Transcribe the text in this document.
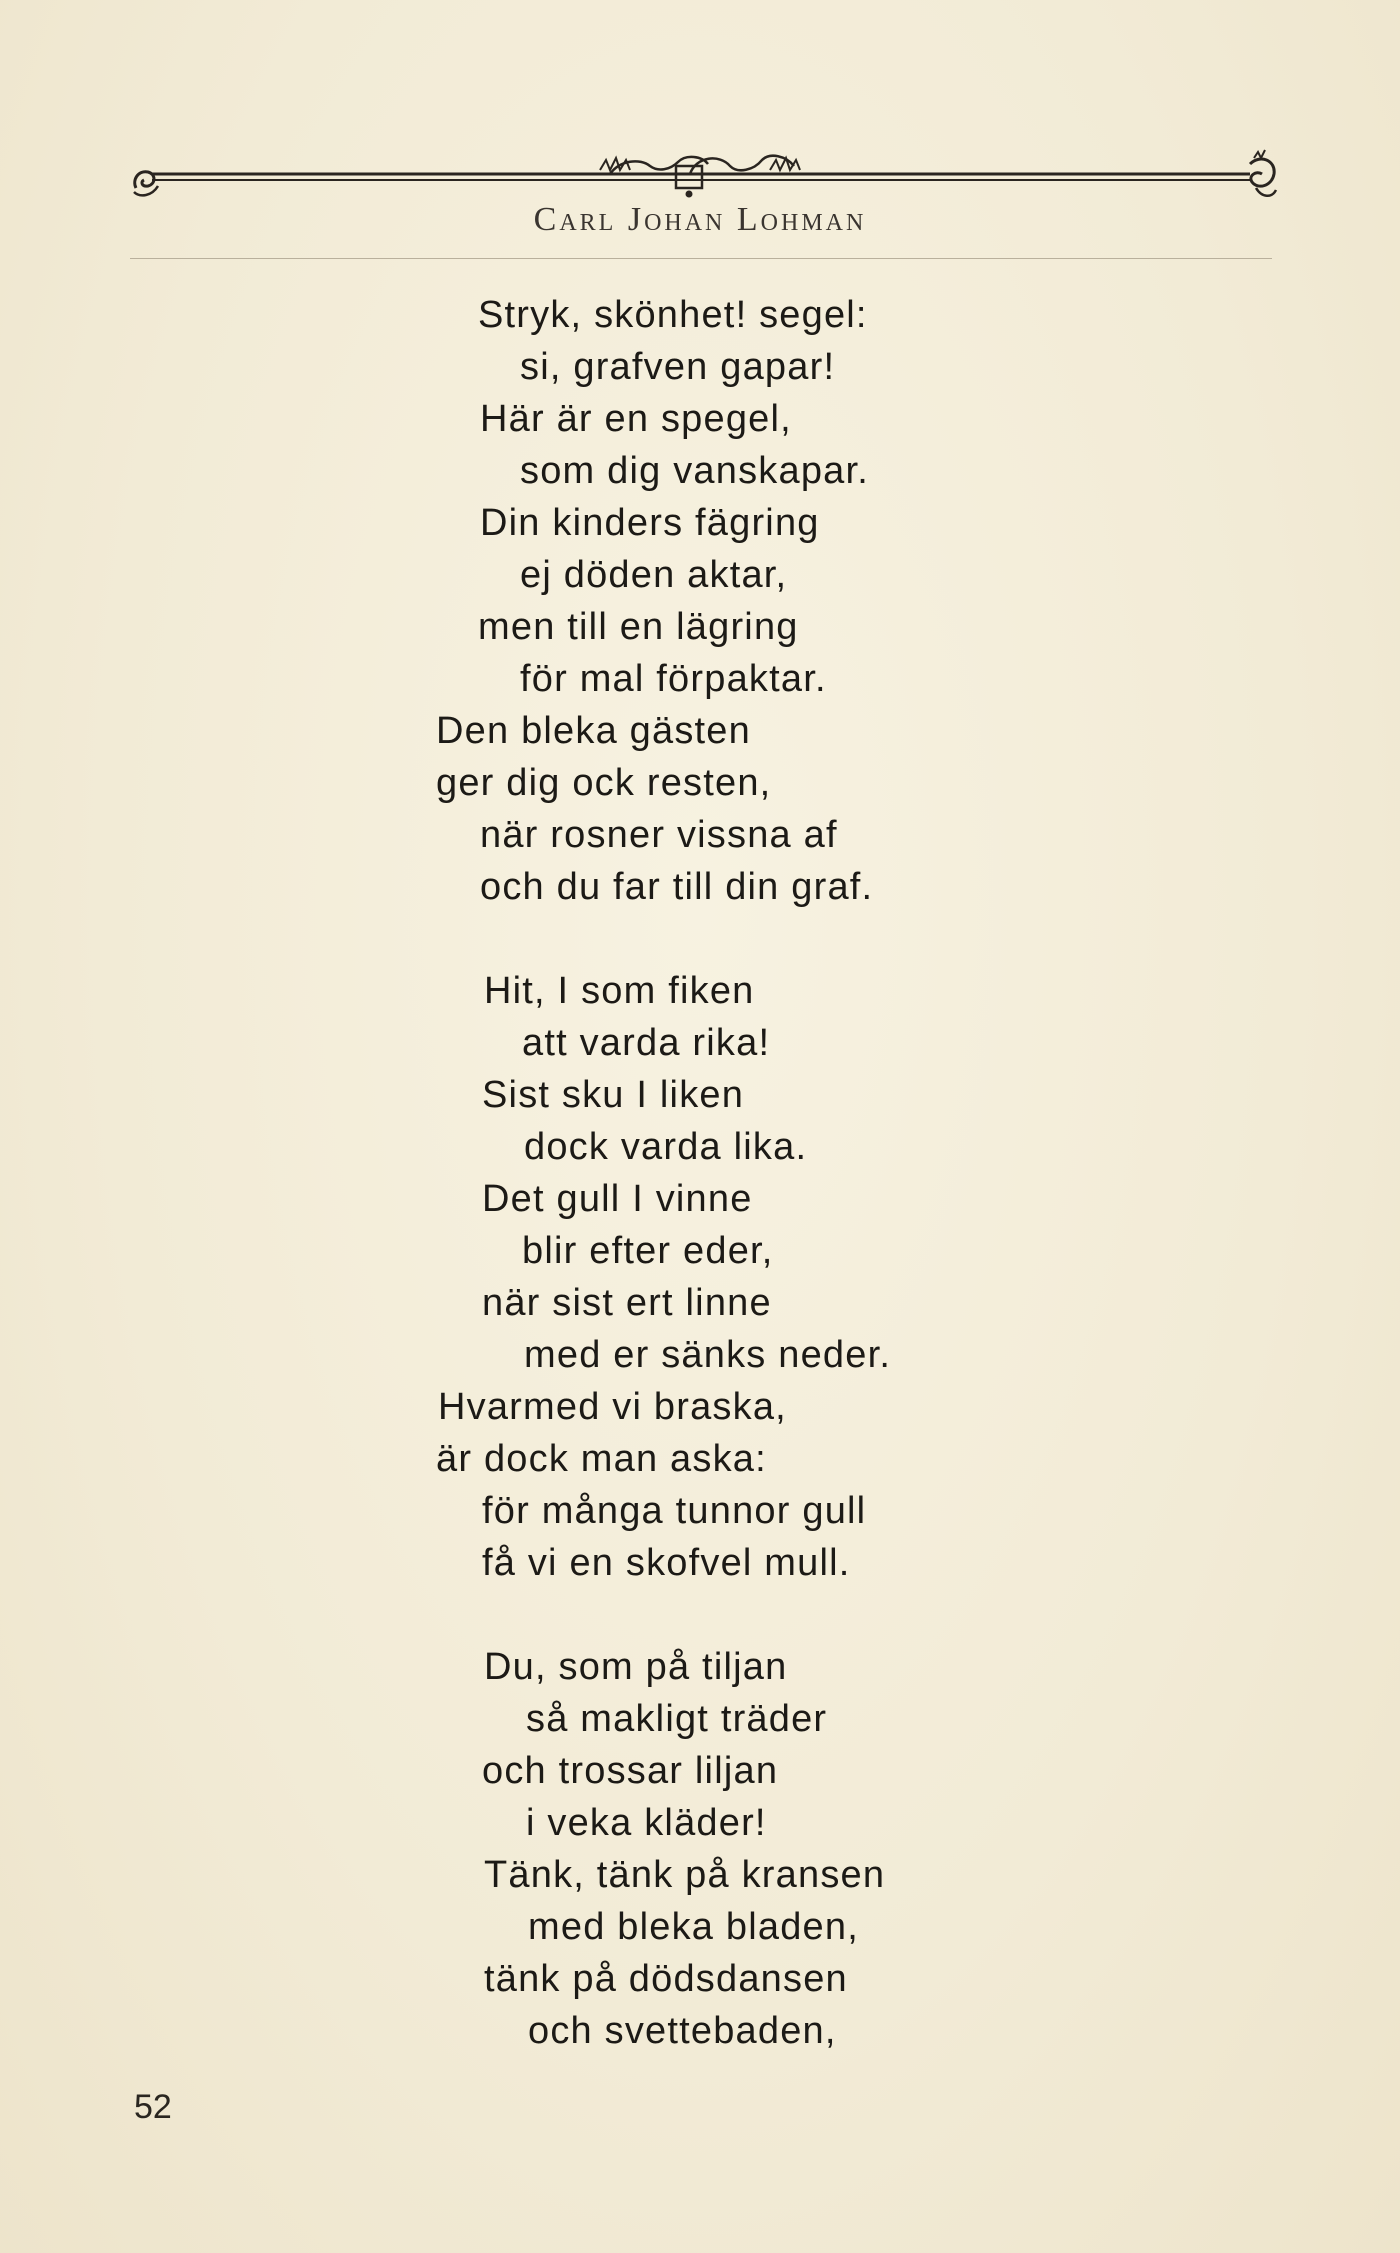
Carl Johan Lohman
Stryk, skönhet! segel:
si, grafven gapar!
Här är en spegel,
som dig vanskapar.
Din kinders fägring
ej döden aktar,
men till en lägring
för mal förpaktar.
Den bleka gästen
ger dig ock resten,
när rosner vissna af
och du far till din graf.
Hit, I som fiken
att varda rika!
Sist sku I liken
dock varda lika.
Det gull I vinne
blir efter eder,
när sist ert linne
med er sänks neder.
Hvarmed vi braska,
är dock man aska:
för många tunnor gull
få vi en skofvel mull.
Du, som på tiljan
så makligt träder
och trossar liljan
i veka kläder!
Tänk, tänk på kransen
med bleka bladen,
tänk på dödsdansen
och svettebaden,
52
